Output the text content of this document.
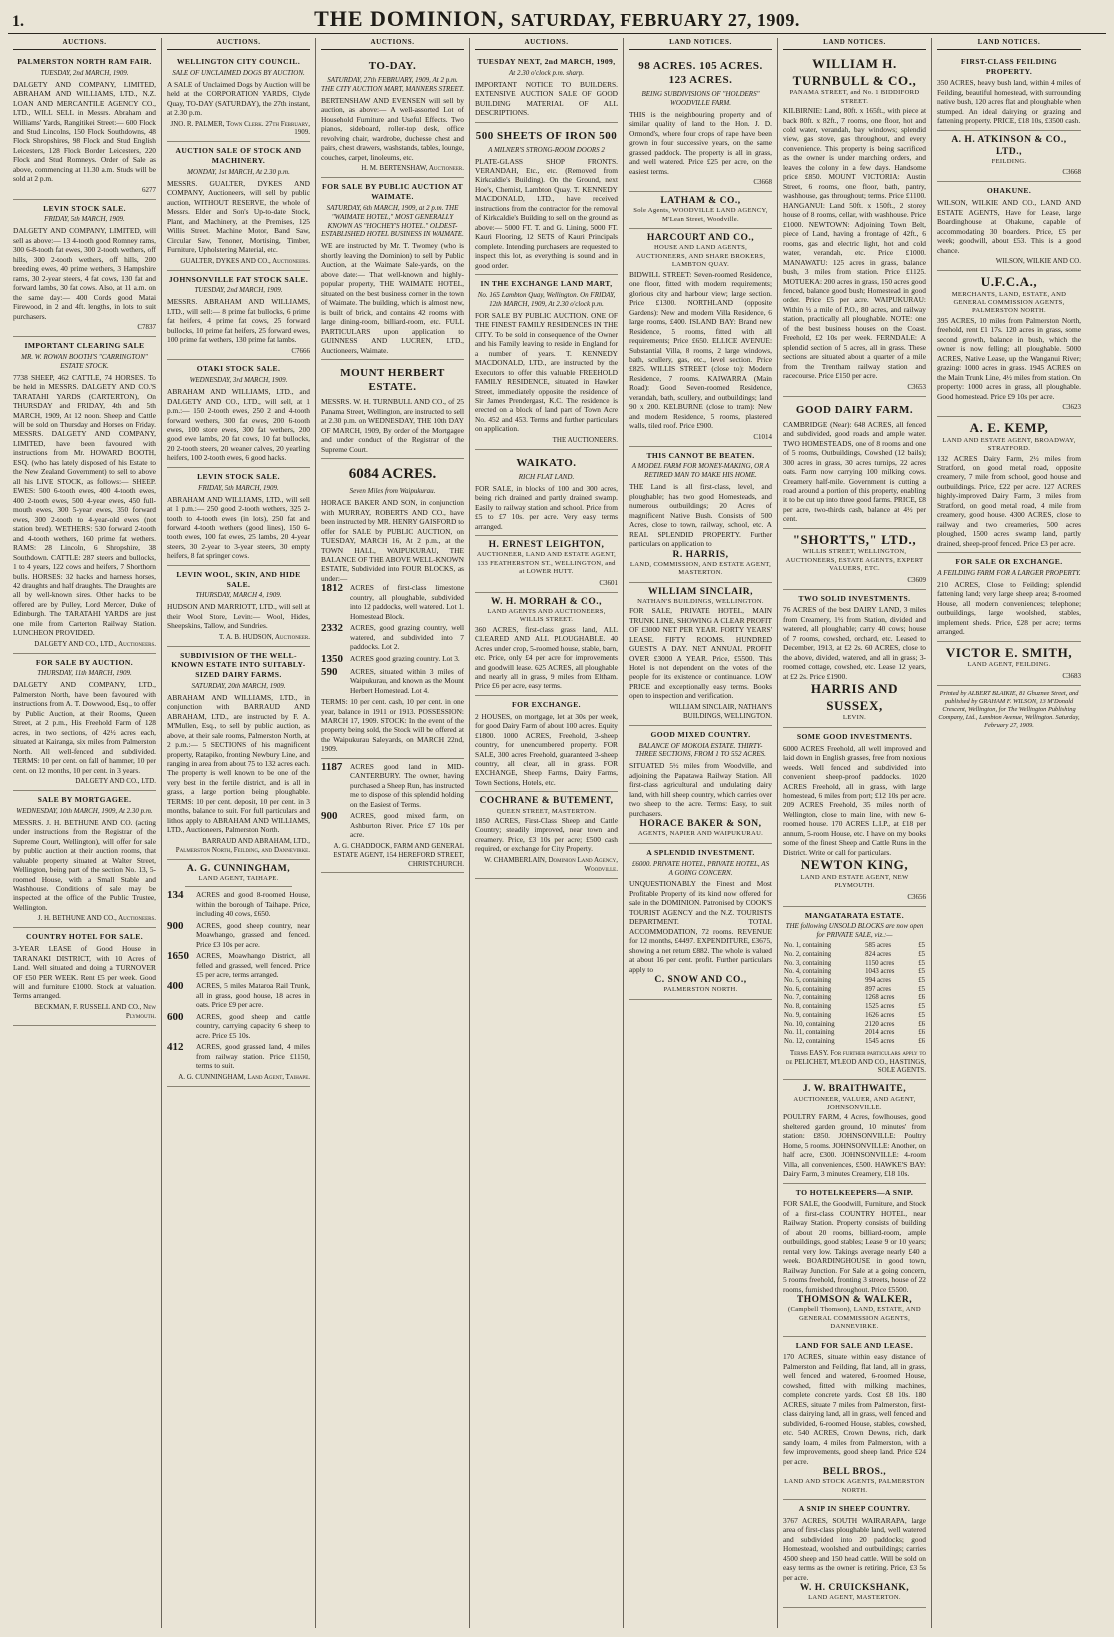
1.	THE DOMINION, SATURDAY, FEBRUARY 27, 1909.
AUCTIONS.
PALMERSTON NORTH RAM FAIR.
TUESDAY, 2nd MARCH, 1909.
DALGETY AND COMPANY, LIMITED, ABRAHAM AND WILLIAMS, LTD., N.Z. LOAN AND MERCANTILE AGENCY CO., LTD., WILL SELL in Messrs. Abraham and Williams' Yards, Rangitikei Street:— 600 Flock and Stud Lincolns, 150 Flock Southdowns, 48 Flock Shropshires, 98 Flock and Stud English Leicesters, 128 Flock Border Leicesters, 220 Flock and Stud Romneys. Order of Sale as above, commencing at 11.30 a.m. Studs will be sold at 2 p.m.
6277
LEVIN STOCK SALE.
FRIDAY, 5th MARCH, 1909.
DALGETY AND COMPANY, LIMITED, will sell as above:— 13 4-tooth good Romney rams, 300 6-8-tooth fat ewes, 300 2-tooth wethers, off hills, 300 2-tooth wethers, off hills, 200 breeding ewes, 40 prime wethers, 3 Hampshire rams, 30 2-year steers, 4 fat cows, 130 fat and forward lambs, 30 fat cows. Also, at 11 a.m. on the same day:— 400 Cords good Matai Firewood, in 2 and 4ft. lengths, in lots to suit purchasers.
C7837
IMPORTANT CLEARING SALE
MR. W. ROWAN BOOTH'S "CARRINGTON" ESTATE STOCK.
7738 SHEEP, 462 CATTLE, 74 HORSES. To be held in MESSRS. DALGETY AND CO.'S TARATAHI YARDS (CARTERTON), On THURSDAY and FRIDAY, 4th and 5th MARCH, 1909, At 12 noon. Sheep and Cattle will be sold on Thursday and Horses on Friday. MESSRS. DALGETY AND COMPANY, LIMITED, have been favoured with instructions from Mr. HOWARD BOOTH, ESQ. (who has lately disposed of his Estate to the New Zealand Government) to sell to above all his LIVE STOCK, as follows:— SHEEP. EWES: 500 6-tooth ewes, 400 4-tooth ewes, 400 2-tooth ewes, 500 4-year ewes, 450 full-mouth ewes, 300 5-year ewes, 350 forward ewes, 300 2-tooth to 4-year-old ewes (not station bred). WETHERS: 530 forward 2-tooth and 4-tooth wethers, 160 prime fat wethers. RAMS: 28 Lincoln, 6 Shropshire, 38 Southdown. CATTLE: 287 steers and bullocks, 1 to 4 years, 122 cows and heifers, 7 Shorthorn bulls. HORSES: 32 hacks and harness horses, 42 draughts and half draughts. The Draughts are all by well-known sires. Other hacks to be offered are by Pulley, Lord Mercer, Duke of Edinburgh. The TARATAHI YARDS are just one mile from Carterton Railway Station. LUNCHEON PROVIDED.
DALGETY AND CO., LTD., Auctioneers.
FOR SALE BY AUCTION.
THURSDAY, 11th MARCH, 1909.
DALGETY AND COMPANY, LTD., Palmerston North, have been favoured with instructions from A. T. Dowwood, Esq., to offer by Public Auction, at their Rooms, Queen Street, at 2 p.m., His Freehold Farm of 128 acres, in two sections, of 42½ acres each, situated at Kairanga, six miles from Palmerston North. All well-fenced and subdivided. TERMS: 10 per cent. on fall of hammer, 10 per cent. on 12 months, 10 per cent. in 3 years.
DALGETY AND CO., LTD.
SALE BY MORTGAGEE.
WEDNESDAY, 10th MARCH, 1909, At 2.30 p.m.
MESSRS. J. H. BETHUNE AND CO. (acting under instructions from the Registrar of the Supreme Court, Wellington), will offer for sale by public auction at their auction rooms, that valuable property situated at Walter Street, Wellington, being part of the section No. 13, 5-roomed House, with a Small Stable and Washhouse. Conditions of sale may be inspected at the office of the Public Trustee, Wellington.
J. H. BETHUNE AND CO., Auctioneers.
COUNTRY HOTEL FOR SALE.
3-YEAR LEASE of Good House in TARANAKI DISTRICT, with 10 Acres of Land. Well situated and doing a TURNOVER OF £50 PER WEEK. Rent £5 per week. Good will and furniture £1000. Stock at valuation. Terms arranged.
BECKMAN, F. RUSSELL AND CO., New Plymouth.
AUCTIONS.
WELLINGTON CITY COUNCIL.
SALE OF UNCLAIMED DOGS BY AUCTION.
A SALE of Unclaimed Dogs by Auction will be held at the CORPORATION YARDS, Clyde Quay, TO-DAY (SATURDAY), the 27th instant, at 2.30 p.m.
JNO. R. PALMER, Town Clerk. 27th February, 1909.
AUCTION SALE OF STOCK AND MACHINERY.
MONDAY, 1st MARCH, At 2.30 p.m.
MESSRS. GUALTER, DYKES AND COMPANY, Auctioneers, will sell by public auction, WITHOUT RESERVE, the whole of Messrs. Elder and Son's Up-to-date Stock, Plant, and Machinery, at the Premises, 125 Willis Street. Machine Motor, Band Saw, Circular Saw, Tenoner, Mortising, Timber, Furniture, Upholstering Material, etc.
GUALTER, DYKES AND CO., Auctioneers.
JOHNSONVILLE FAT STOCK SALE.
TUESDAY, 2nd MARCH, 1909.
MESSRS. ABRAHAM AND WILLIAMS, LTD., will sell:— 8 prime fat bullocks, 6 prime fat heifers, 4 prime fat cows, 25 forward bullocks, 10 prime fat heifers, 25 forward ewes, 100 prime fat wethers, 130 prime fat lambs.
C7666
OTAKI STOCK SALE.
WEDNESDAY, 3rd MARCH, 1909.
ABRAHAM AND WILLIAMS, LTD., and DALGETY AND CO., LTD., will sell, at 1 p.m.:— 150 2-tooth ewes, 250 2 and 4-tooth forward wethers, 300 fat ewes, 200 6-tooth ewes, 100 store ewes, 300 fat wethers, 200 good ewe lambs, 20 fat cows, 10 fat bullocks, 20 2-tooth steers, 20 weaner calves, 20 yearling heifers, 100 2-tooth ewes, 6 good hacks.
LEVIN STOCK SALE.
FRIDAY, 5th MARCH, 1909.
ABRAHAM AND WILLIAMS, LTD., will sell at 1 p.m.:— 250 good 2-tooth wethers, 325 2-tooth to 4-tooth ewes (in lots), 250 fat and forward 4-tooth wethers (good lines), 150 6-tooth ewes, 100 fat ewes, 25 lambs, 20 4-year steers, 30 2-year to 3-year steers, 30 empty heifers, 8 fat springer cows.
LEVIN WOOL, SKIN, AND HIDE SALE.
THURSDAY, MARCH 4, 1909.
HUDSON AND MARRIOTT, LTD., will sell at their Wool Store, Levin:— Wool, Hides, Sheepskins, Tallow, and Sundries.
T. A. B. HUDSON, Auctioneer.
SUBDIVISION OF THE WELL-KNOWN ESTATE INTO SUITABLY-SIZED DAIRY FARMS.
SATURDAY, 20th MARCH, 1909.
ABRAHAM AND WILLIAMS, LTD., in conjunction with BARRAUD AND ABRAHAM, LTD., are instructed by F. A. M'Mullen, Esq., to sell by public auction, as above, at their sale rooms, Palmerston North, at 2 p.m.:— 5 SECTIONS of his magnificent property, Ratapiko, fronting Newbury Line, and ranging in area from about 75 to 132 acres each. The property is well known to be one of the very best in the fertile district, and is all in grass, a large portion being ploughable. TERMS: 10 per cent. deposit, 10 per cent. in 3 months, balance to suit. For full particulars and lithos apply to ABRAHAM AND WILLIAMS, LTD., Auctioneers, Palmerston North.
BARRAUD AND ABRAHAM, LTD., Palmerston North, Feilding, and Dannevirke.
A. G. CUNNINGHAM,
LAND AGENT, TAIHAPE.
134	ACRES and good 8-roomed House, within the borough of Taihape. Price, including 40 cows, £650.
900	ACRES, good sheep country, near Moawhango, grassed and fenced. Price £3 10s per acre.
1650 ACRES, Moawhango District, all felled and grassed, well fenced. Price £5 per acre, terms arranged.
400	ACRES, 5 miles Mataroa Rail Trunk, all in grass, good house, 18 acres in oats. Price £9 per acre.
600	ACRES, good sheep and cattle country, carrying capacity 6 sheep to acre. Price £5 10s.
412	ACRES, good grassed land, 4 miles from railway station. Price £1150, terms to suit.
A. G. CUNNINGHAM, Land Agent, Taihape.
AUCTIONS.
TO-DAY.
SATURDAY, 27th FEBRUARY, 1909, At 2 p.m. THE CITY AUCTION MART, MANNERS STREET.
BERTENSHAW AND EVENSEN will sell by auction, as above:— A well-assorted Lot of Household Furniture and Useful Effects. Two pianos, sideboard, roller-top desk, office revolving chair, wardrobe, duchesse chest and pairs, chest drawers, washstands, tables, lounge, couches, carpet, linoleums, etc.
H. M. BERTENSHAW, Auctioneer.
FOR SALE BY PUBLIC AUCTION AT WAIMATE.
SATURDAY, 6th MARCH, 1909, at 2 p.m. THE "WAIMATE HOTEL," MOST GENERALLY KNOWN AS "HOCHEY'S HOTEL." OLDEST-ESTABLISHED HOTEL BUSINESS IN WAIMATE.
WE are instructed by Mr. T. Twomey (who is shortly leaving the Dominion) to sell by Public Auction, at the Waimate Sale-yards, on the above date:— That well-known and highly-popular property, THE WAIMATE HOTEL, situated on the best business corner in the town of Waimate. The building, which is almost new, is built of brick, and contains 42 rooms with large dining-room, billiard-room, etc. FULL PARTICULARS upon application to GUINNESS AND LUCREN, LTD., Auctioneers, Waimate.
MOUNT HERBERT ESTATE.
MESSRS. W. H. TURNBULL AND CO., of 25 Panama Street, Wellington, are instructed to sell at 2.30 p.m. on WEDNESDAY, THE 10th DAY OF MARCH, 1909, By order of the Mortgagee and under conduct of the Registrar of the Supreme Court.
6084 ACRES.
Seven Miles from Waipukurau.
HORACE BAKER AND SON, in conjunction with MURRAY, ROBERTS AND CO., have been instructed by MR. HENRY GAISFORD to offer for SALE by PUBLIC AUCTION, on TUESDAY, MARCH 16, At 2 p.m., at the TOWN HALL, WAIPUKURAU, THE BALANCE OF THE ABOVE WELL-KNOWN ESTATE, Subdivided into FOUR BLOCKS, as under:—
1812 ACRES of first-class limestone country, all ploughable, subdivided into 12 paddocks, well watered. Lot 1. Homestead Block.
2332 ACRES, good grazing country, well watered, and subdivided into 7 paddocks. Lot 2.
1350 ACRES good grazing country. Lot 3.
590	ACRES, situated within 3 miles of Waipukurau, and known as the Mount Herbert Homestead. Lot 4.
TERMS: 10 per cent. cash, 10 per cent. in one year, balance in 1911 or 1913. POSSESSION: MARCH 17, 1909. STOCK: In the event of the property being sold, the Stock will be offered at the Waipukurau Saleyards, on MARCH 22nd, 1909.
1187	ACRES good land in MID-CANTERBURY. The owner, having purchased a Sheep Run, has instructed me to dispose of this splendid holding on the Easiest of Terms.
900	ACRES, good mixed farm, on Ashburton River. Price £7 10s per acre.
A. G. CHADDOCK, FARM AND GENERAL ESTATE AGENT, 154 HEREFORD STREET, CHRISTCHURCH.
AUCTIONS.
TUESDAY NEXT, 2nd MARCH, 1909,
At 2.30 o'clock p.m. sharp.
IMPORTANT NOTICE TO BUILDERS. EXTENSIVE AUCTION SALE OF GOOD BUILDING MATERIAL OF ALL DESCRIPTIONS.
500 SHEETS OF IRON 500
A MILNER'S STRONG-ROOM DOORS 2
PLATE-GLASS SHOP FRONTS. VERANDAH, Etc., etc. (Removed from Kirkcaldie's Building). On the Ground, next Hoe's, Chemist, Lambton Quay. T. KENNEDY MACDONALD, LTD., have received instructions from the contractor for the removal of Kirkcaldie's Building to sell on the ground as above:— 5000 FT. T. and G. Lining, 5000 FT. Kauri Flooring, 12 SETS of Kauri Principals complete. Intending purchasers are requested to inspect this lot, as everything is sound and in good order.
IN THE EXCHANGE LAND MART,
No. 165 Lambton Quay, Wellington. On FRIDAY, 12th MARCH, 1909, At 2.30 o'clock p.m.
FOR SALE BY PUBLIC AUCTION. ONE OF THE FINEST FAMILY RESIDENCES IN THE CITY. To be sold in consequence of the Owner and his Family leaving to reside in England for a number of years. T. KENNEDY MACDONALD, LTD., are instructed by the Executors to offer this valuable FREEHOLD FAMILY RESIDENCE, situated in Hawker Street, immediately opposite the residence of Sir James Prendergast, K.C. The residence is erected on a block of land part of Town Acre No. 452 and 453. Terms and further particulars on application.
THE AUCTIONEERS.
WAIKATO.
RICH FLAT LAND.
FOR SALE, in blocks of 100 and 300 acres, being rich drained and partly drained swamp. Easily to railway station and school. Price from £5 to £7 10s. per acre. Very easy terms arranged.
H. ERNEST LEIGHTON,
AUCTIONEER, LAND AND ESTATE AGENT, 133 FEATHERSTON ST., WELLINGTON, and at LOWER HUTT.
C3601
W. H. MORRAH & CO.,
LAND AGENTS AND AUCTIONEERS, WILLIS STREET.
360 ACRES, first-class grass land, ALL CLEARED AND ALL PLOUGHABLE. 40 Acres under crop, 5-roomed house, stable, barn, etc. Price, only £4 per acre for improvements and goodwill lease. 625 ACRES, all ploughable and nearly all in grass, 9 miles from Eltham. Price £6 per acre, easy terms.
FOR EXCHANGE.
2 HOUSES, on mortgage, let at 30s per week, for good Dairy Farm of about 100 acres. Equity £1800. 1000 ACRES, Freehold, 3-sheep country, for unencumbered property. FOR SALE, 300 acres Freehold, guaranteed 3-sheep country, all clear, all in grass. FOR EXCHANGE, Sheep Farms, Dairy Farms, Town Sections, Hotels, etc.
COCHRANE & BUTEMENT,
QUEEN STREET, MASTERTON.
1850 ACRES, First-Class Sheep and Cattle Country; steadily improved, near town and creamery. Price, £3 10s per acre; £500 cash required, or exchange for City Property.
W. CHAMBERLAIN, Dominion Land Agency, Woodville.
LAND NOTICES.
98 ACRES. 105 ACRES. 123 ACRES.
BEING SUBDIVISIONS OF "HOLDERS" WOODVILLE FARM.
THIS is the neighbouring property and of similar quality of land to the Hon. J. D. Ormond's, where four crops of rape have been grown in four successive years, on the same grassed paddock. The property is all in grass, and well watered. Price £25 per acre, on the easiest terms.
C3668
LATHAM & CO.,
Sole Agents, WOODVILLE LAND AGENCY, M'Lean Street, Woodville.
HARCOURT AND CO.,
HOUSE AND LAND AGENTS, AUCTIONEERS, AND SHARE BROKERS, LAMBTON QUAY.
BIDWILL STREET: Seven-roomed Residence, one floor, fitted with modern requirements; glorious city and harbour view; large section. Price £1300. NORTHLAND (opposite Gardens): New and modern Villa Residence, 6 large rooms, £400. ISLAND BAY: Brand new Residence, 5 rooms, fitted with all requirements; Price £650. ELLICE AVENUE: Substantial Villa, 8 rooms, 2 large windows, bath, scullery, gas, etc., level section. Price £825. WILLIS STREET (close to): Modern Residence, 7 rooms. KAIWARRA (Main Road): Good Seven-roomed Residence, verandah, bath, scullery, and outbuildings; land 90 x 200. KELBURNE (close to tram): New and modern Residence, 5 rooms, plastered walls, tiled roof. Price £900.
C1014
THIS CANNOT BE BEATEN.
A MODEL FARM FOR MONEY-MAKING, OR A RETIRED MAN TO MAKE HIS HOME.
THE Land is all first-class, level, and ploughable; has two good Homesteads, and numerous outbuildings; 20 Acres of magnificent Native Bush. Consists of 500 Acres, close to town, railway, school, etc. A REAL SPLENDID PROPERTY. Further particulars on application to
R. HARRIS,
LAND, COMMISSION, AND ESTATE AGENT, MASTERTON.
WILLIAM SINCLAIR,
NATHAN'S BUILDINGS, WELLINGTON.
FOR SALE, PRIVATE HOTEL, MAIN TRUNK LINE, SHOWING A CLEAR PROFIT OF £3000 NET PER YEAR. FORTY YEARS' LEASE. FIFTY ROOMS. HUNDRED GUESTS A DAY. NET ANNUAL PROFIT OVER £3000 A YEAR. Price, £5500. This Hotel is not dependent on the votes of the people for its existence or continuance. LOW PRICE and exceptionally easy terms. Books open to inspection and verification.
WILLIAM SINCLAIR, NATHAN'S BUILDINGS, WELLINGTON.
GOOD MIXED COUNTRY.
BALANCE OF MOKOIA ESTATE. THIRTY-THREE SECTIONS, FROM 1 TO 552 ACRES.
SITUATED 5½ miles from Woodville, and adjoining the Papatawa Railway Station. All first-class agricultural and undulating dairy land, with hill sheep country, which carries over two sheep to the acre. Terms: Easy, to suit purchasers.
HORACE BAKER & SON,
AGENTS, NAPIER AND WAIPUKURAU.
A SPLENDID INVESTMENT.
£6000. PRIVATE HOTEL, PRIVATE HOTEL, AS A GOING CONCERN.
UNQUESTIONABLY the Finest and Most Profitable Property of its kind now offered for sale in the DOMINION. Patronised by COOK'S TOURIST AGENCY and the N.Z. TOURISTS DEPARTMENT. TOTAL ACCOMMODATION, 72 rooms. REVENUE for 12 months, £4497. EXPENDITURE, £3675, showing a net return £882. The whole is valued at about 16 per cent. profit. Further particulars apply to
C. SNOW AND CO.,
PALMERSTON NORTH.
LAND NOTICES.
WILLIAM H. TURNBULL & CO.,
PANAMA STREET, and No. 1 BIDDIFORD STREET.
KILBIRNIE: Land, 80ft. x 165ft., with piece at back 80ft. x 82ft., 7 rooms, one floor, hot and cold water, verandah, bay windows; splendid view, gas stove, gas throughout, and every convenience. This property is being sacrificed as the owner is under marching orders, and leaves the colony in a few days. Handsome price £850. MOUNT VICTORIA: Austin Street, 6 rooms, one floor, bath, pantry, washhouse, gas throughout; terms. Price £1100. HANGANUI: Land 50ft. x 150ft., 2 storey house of 8 rooms, cellar, with washhouse. Price £1000. NEWTOWN: Adjoining Town Belt, piece of Land, having a frontage of 42ft., 6 rooms, gas and electric light, hot and cold water, verandah, etc. Price £1000. MANAWATU: 125 acres in grass, balance bush, 3 miles from station. Price £1125. MOTUEKA: 200 acres in grass, 150 acres good fenced, balance good bush; Homestead in good order. Price £5 per acre. WAIPUKURAU: Within ½ a mile of P.O., 80 acres, and railway station, practically all ploughable. NOTE: one of the best business houses on the Coast. Freehold, £2 10s per week. FERNDALE: A splendid section of 5 acres, all in grass. These sections are situated about a quarter of a mile from the Trentham railway station and racecourse. Price £150 per acre.
C3653
GOOD DAIRY FARM.
CAMBRIDGE (Near): 648 ACRES, all fenced and subdivided, good roads and ample water. TWO HOMESTEADS, one of 8 rooms and one of 5 rooms, Outbuildings, Cowshed (12 bails); 300 acres in grass, 30 acres turnips, 22 acres oats. Farm now carrying 100 milking cows. Creamery half-mile. Government is cutting a road around a portion of this property, enabling it to be cut up into three good farms. PRICE, £8 per acre, two-thirds cash, balance at 4½ per cent.
"SHORTTS," LTD.,
WILLIS STREET, WELLINGTON, AUCTIONEERS, ESTATE AGENTS, EXPERT VALUERS, ETC.
C3609
TWO SOLID INVESTMENTS.
76 ACRES of the best DAIRY LAND, 3 miles from Creamery, 1½ from Station, divided and watered, all ploughable; carry 40 cows; house of 7 rooms, cowshed, orchard, etc. Leased to December, 1913, at £2 2s. 60 ACRES, close to the above, divided, watered, and all in grass; 3-roomed cottage, cowshed, etc. Lease 12 years, at £2 2s. Price £1900.
HARRIS AND SUSSEX,
LEVIN.
SOME GOOD INVESTMENTS.
6000 ACRES Freehold, all well improved and laid down in English grasses, free from noxious weeds. Well fenced and subdivided into convenient sheep-proof paddocks. 1020 ACRES Freehold, all in grass, with large homestead, 6 miles from port; £12 10s per acre. 209 ACRES Freehold, 35 miles north of Wellington, close to main line, with new 6-roomed house. 170 ACRES L.I.P., at £18 per annum, 5-room House, etc. I have on my books some of the finest Sheep and Cattle Runs in the District. Write or call for particulars.
NEWTON KING,
LAND AND ESTATE AGENT, NEW PLYMOUTH.
C3656
MANGATARATA ESTATE.
THE following UNSOLD BLOCKS are now open for PRIVATE SALE, viz.:—
No. 1, containing	585 acres	£5
No. 2, containing	824 acres	£5
No. 3, containing	1150 acres	£5
No. 4, containing	1043 acres	£5
No. 5, containing	994 acres	£5
No. 6, containing	897 acres	£5
No. 7, containing	1268 acres	£6
No. 8, containing	1525 acres	£5
No. 9, containing	1626 acres	£5
No. 10, containing	2120 acres	£6
No. 11, containing	2014 acres	£6
No. 12, containing	1545 acres	£6
Terms EASY. For further particulars apply to de PELICHET, M'LEOD AND CO., HASTINGS, SOLE AGENTS.
J. W. BRAITHWAITE,
AUCTIONEER, VALUER, AND AGENT, JOHNSONVILLE.
POULTRY FARM, 4 Acres, fowlhouses, good sheltered garden ground, 10 minutes' from station: £850. JOHNSONVILLE: Poultry Home, 5 rooms. JOHNSONVILLE: Another, on half acre, £300. JOHNSONVILLE: 4-room Villa, all conveniences, £500. HAWKE'S BAY: Dairy Farm, 3 minutes Creamery, £18 10s.
TO HOTELKEEPERS—A SNIP.
FOR SALE, the Goodwill, Furniture, and Stock of a first-class COUNTRY HOTEL, near Railway Station. Property consists of building of about 20 rooms, billiard-room, ample outbuildings, good stables; Lease 9 or 10 years; rental very low. Takings average nearly £40 a week. BOARDINGHOUSE in good town, Railway Junction. For Sale at a going concern, 5 rooms freehold, fronting 3 streets, house of 22 rooms, furnished throughout. Price £5500.
THOMSON & WALKER,
(Campbell Thomson), LAND, ESTATE, AND GENERAL COMMISSION AGENTS, DANNEVIRKE.
LAND FOR SALE AND LEASE.
170 ACRES, situate within easy distance of Palmerston and Feilding, flat land, all in grass, well fenced and watered, 6-roomed House, cowshed, fitted with milking machines, complete concrete yards. Cost £8 10s. 180 ACRES, situate 7 miles from Palmerston, first-class dairying land, all in grass, well fenced and subdivided, 6-roomed House, stables, cowshed, etc. 540 ACRES, Crown Dewns, rich, dark sandy loam, 4 miles from Palmerston, with a few improvements, good sheep land. Price £24 per acre.
BELL BROS.,
LAND AND STOCK AGENTS, PALMERSTON NORTH.
A SNIP IN SHEEP COUNTRY.
3767 ACRES, SOUTH WAIRARAPA, large area of first-class ploughable land, well watered and subdivided into 20 paddocks; good Homestead, woolshed and outbuildings; carries 4500 sheep and 150 head cattle. Will be sold on easy terms as the owner is retiring. Price, £3 5s per acre.
W. H. CRUICKSHANK,
LAND AGENT, MASTERTON.
LAND NOTICES.
FIRST-CLASS FEILDING PROPERTY.
350 ACRES, heavy bush land, within 4 miles of Feilding, beautiful homestead, with surrounding native bush, 120 acres flat and ploughable when stumped. An ideal dairying or grazing and fattening property. PRICE, £18 10s, £3500 cash.
A. H. ATKINSON & CO., LTD.,
FEILDING.
C3668
OHAKUNE.
WILSON, WILKIE AND CO., LAND AND ESTATE AGENTS, Have for Lease, large Boardinghouse at Ohakune, capable of accommodating 30 boarders. Price, £5 per week; goodwill, about £53. This is a good chance.
WILSON, WILKIE AND CO.
U.F.C.A.,
MERCHANTS, LAND, ESTATE, AND GENERAL COMMISSION AGENTS, PALMERSTON NORTH.
395 ACRES, 10 miles from Palmerston North, freehold, rent £1 17s. 120 acres in grass, some second growth, balance in bush, which the owner is now felling; all ploughable. 5000 ACRES, Native Lease, up the Wanganui River; grazing: 1000 acres in grass. 1945 ACRES on the Main Trunk Line, 4½ miles from station. On property: 1000 acres in grass, all ploughable. Good homestead. Price £9 10s per acre.
C3623
A. E. KEMP,
LAND AND ESTATE AGENT, BROADWAY, STRATFORD.
132 ACRES Dairy Farm, 2½ miles from Stratford, on good metal road, opposite creamery, 7 mile from school, good house and outbuildings. Price, £22 per acre. 127 ACRES highly-improved Dairy Farm, 3 miles from Stratford, on good metal road, 4 mile from creamery, good house. 4300 ACRES, close to railway and two creameries, 500 acres ploughed, 1500 acres swamp land, partly drained, sheep-proof fenced. Price £3 per acre.
FOR SALE OR EXCHANGE.
A FEILDING FARM FOR A LARGER PROPERTY.
210 ACRES, Close to Feilding; splendid fattening land; very large sheep area; 8-roomed House, all modern conveniences; telephone; outbuildings, large woolshed, stables, implement sheds. Price, £28 per acre; terms arranged.
VICTOR E. SMITH,
LAND AGENT, FEILDING.
C3683
Printed by ALBERT BLAIKIE, 81 Ghuznee Street, and published by GRAHAM F. WILSON, 13 M'Donald Crescent, Wellington, for The Wellington Publishing Company, Ltd., Lambton Avenue, Wellington. Saturday, February 27, 1909.
